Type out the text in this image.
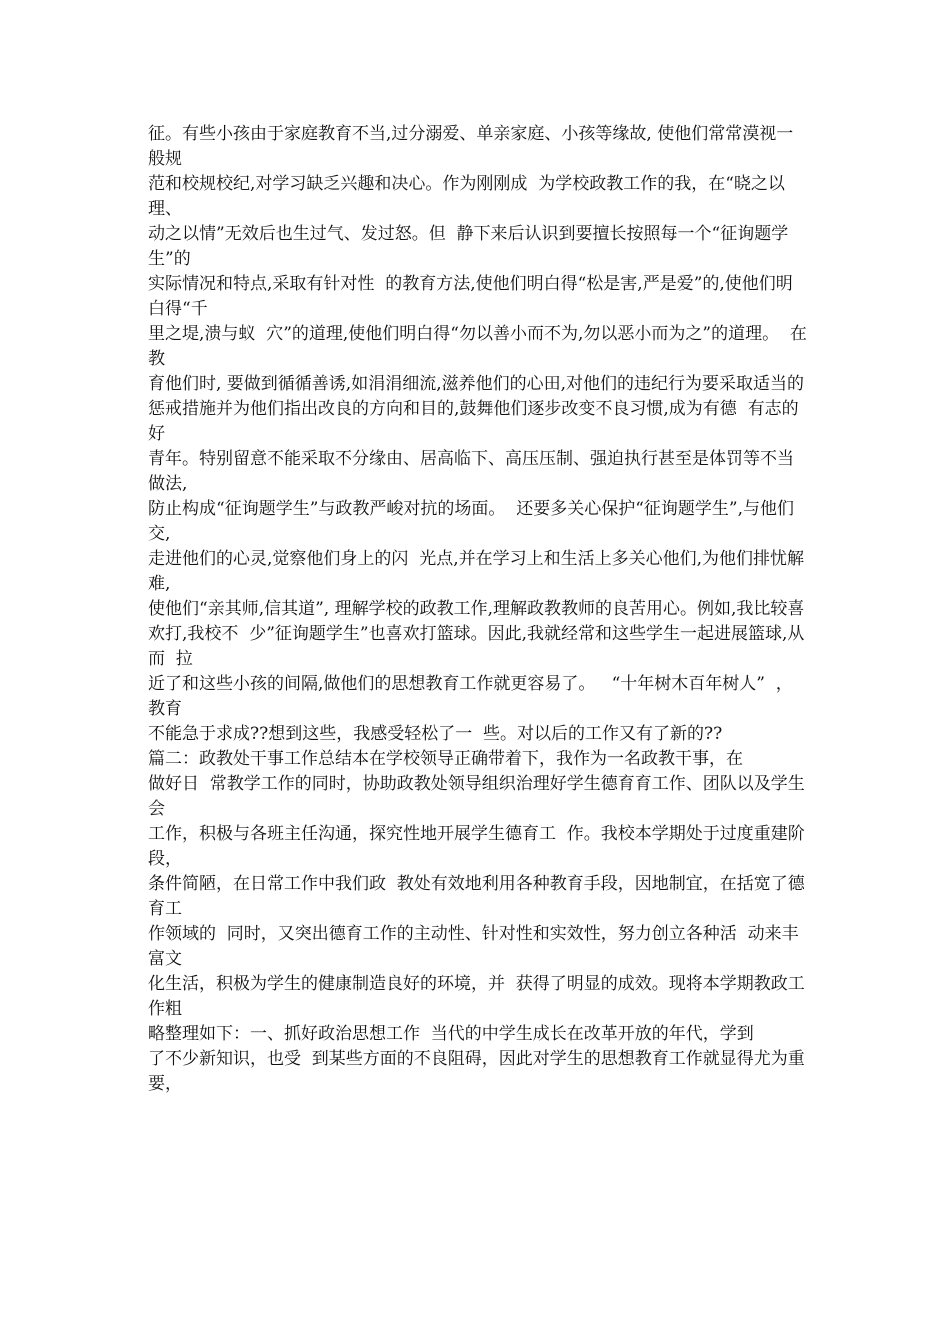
征。有些小孩由于家庭教育不当,过分溺爱、单亲家庭、小孩等缘故, 使他们常常漠视一般规
范和校规校纪,对学习缺乏兴趣和决心。作为刚刚成  为学校政教工作的我，在“晓之以理、
动之以情”无效后也生过气、发过怒。但  静下来后认识到要擅长按照每一个“征询题学生”的
实际情况和特点,采取有针对性  的教育方法,使他们明白得“松是害,严是爱”的,使他们明白得“千
里之堤,溃与蚁  穴”的道理,使他们明白得“勿以善小而不为,勿以恶小而为之”的道理。  在教
育他们时, 要做到循循善诱,如涓涓细流,滋养他们的心田,对他们的违纪行为要采取适当的
惩戒措施并为他们指出改良的方向和目的,鼓舞他们逐步改变不良习惯,成为有德  有志的好
青年。特别留意不能采取不分缘由、居高临下、高压压制、强迫执行甚至是体罚等不当做法,
防止构成“征询题学生”与政教严峻对抗的场面。  还要多关心保护“征询题学生”,与他们交,
走进他们的心灵,觉察他们身上的闪  光点,并在学习上和生活上多关心他们,为他们排忧解难,
使他们“亲其师,信其道”, 理解学校的政教工作,理解政教教师的良苦用心。例如,我比较喜
欢打,我校不  少”征询题学生”也喜欢打篮球。因此,我就经常和这些学生一起进展篮球,从而  拉
近了和这些小孩的间隔,做他们的思想教育工作就更容易了。   “十年树木百年树人”  ，教育
不能急于求成??想到这些，我感受轻松了一  些。对以后的工作又有了新的??
篇二：政教处干事工作总结本在学校领导正确带着下，我作为一名政教干事，在
做好日  常教学工作的同时，协助政教处领导组织治理好学生德育育工作、团队以及学生会
工作，积极与各班主任沟通，探究性地开展学生德育工  作。我校本学期处于过度重建阶段，
条件简陋，在日常工作中我们政  教处有效地利用各种教育手段，因地制宜，在括宽了德育工
作领域的  同时，又突出德育工作的主动性、针对性和实效性，努力创立各种活  动来丰富文
化生活，积极为学生的健康制造良好的环境，并  获得了明显的成效。现将本学期教政工作粗
略整理如下：一、抓好政治思想工作  当代的中学生成长在改革开放的年代，学到
了不少新知识，也受  到某些方面的不良阻碍，因此对学生的思想教育工作就显得尤为重  要，
